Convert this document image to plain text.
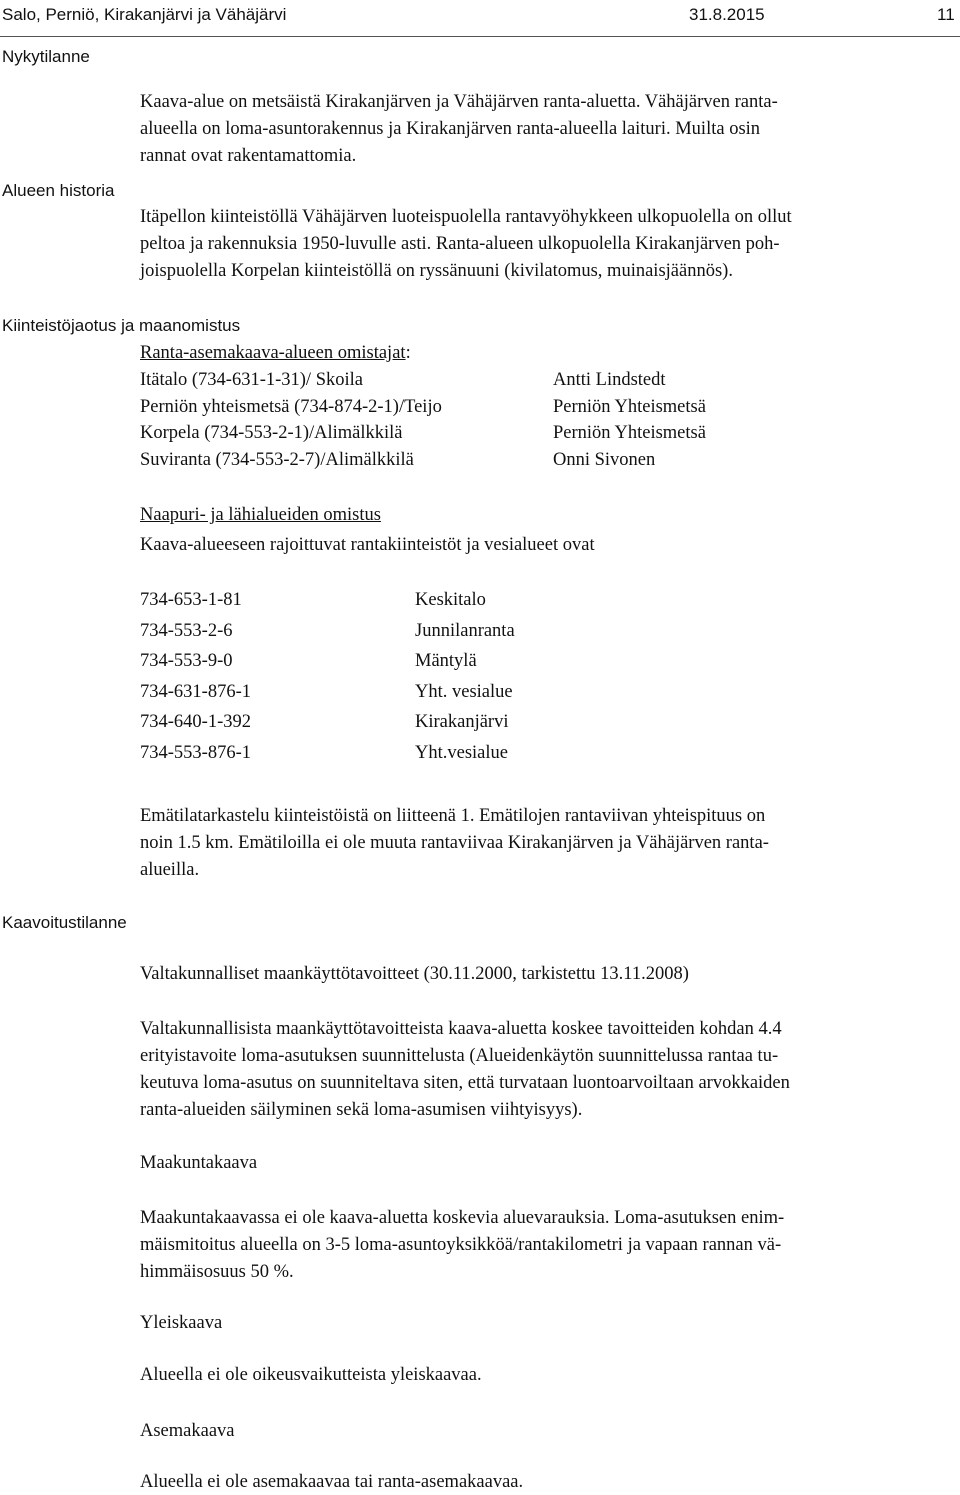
Salo, Perniö, Kirakanjärvi ja Vähäjärvi	31.8.2015	11
Nykytilanne
Kaava-alue on metsäistä Kirakanjärven ja Vähäjärven ranta-aluetta. Vähäjärven ranta-
alueella on loma-asuntorakennus ja Kirakanjärven ranta-alueella laituri. Muilta osin
rannat ovat rakentamattomia.
Alueen historia
Itäpellon kiinteistöllä Vähäjärven luoteispuolella rantavyöhykkeen ulkopuolella on ollut
peltoa ja rakennuksia 1950-luvulle asti. Ranta-alueen ulkopuolella Kirakanjärven poh-
joispuolella Korpelan kiinteistöllä on ryssänuuni (kivilatomus, muinaisjäännös).
Kiinteistöjaotus ja maanomistus
Ranta-asemakaava-alueen omistajat:
Itätalo (734-631-1-31)/ Skoila
Perniön yhteismetsä (734-874-2-1)/Teijo
Korpela (734-553-2-1)/Alimälkkilä
Suviranta (734-553-2-7)/Alimälkkilä
Antti Lindstedt
Perniön Yhteismetsä
Perniön Yhteismetsä
Onni Sivonen
Naapuri- ja lähialueiden omistus
Kaava-alueeseen rajoittuvat rantakiinteistöt ja vesialueet ovat
734-653-1-81
734-553-2-6
734-553-9-0
734-631-876-1
734-640-1-392
734-553-876-1
Keskitalo
Junnilanranta
Mäntylä
Yht. vesialue
Kirakanjärvi
Yht.vesialue
Emätilatarkastelu kiinteistöistä on liitteenä 1. Emätilojen rantaviivan yhteispituus on
noin 1.5 km. Emätiloilla ei ole muuta rantaviivaa Kirakanjärven ja Vähäjärven ranta-
alueilla.
Kaavoitustilanne
Valtakunnalliset maankäyttötavoitteet (30.11.2000, tarkistettu 13.11.2008)
Valtakunnallisista maankäyttötavoitteista kaava-aluetta koskee tavoitteiden kohdan 4.4
erityistavoite loma-asutuksen suunnittelusta (Alueidenkäytön suunnittelussa rantaa tu-
keutuva loma-asutus on suunniteltava siten, että turvataan luontoarvoiltaan arvokkaiden
ranta-alueiden säilyminen sekä loma-asumisen viihtyisyys).
Maakuntakaava
Maakuntakaavassa ei ole kaava-aluetta koskevia aluevarauksia. Loma-asutuksen enim-
mäismitoitus alueella on 3-5 loma-asuntoyksikköä/rantakilometri ja vapaan rannan vä-
himmäisosuus 50 %.
Yleiskaava
Alueella ei ole oikeusvaikutteista yleiskaavaa.
Asemakaava
Alueella ei ole asemakaavaa tai ranta-asemakaavaa.
